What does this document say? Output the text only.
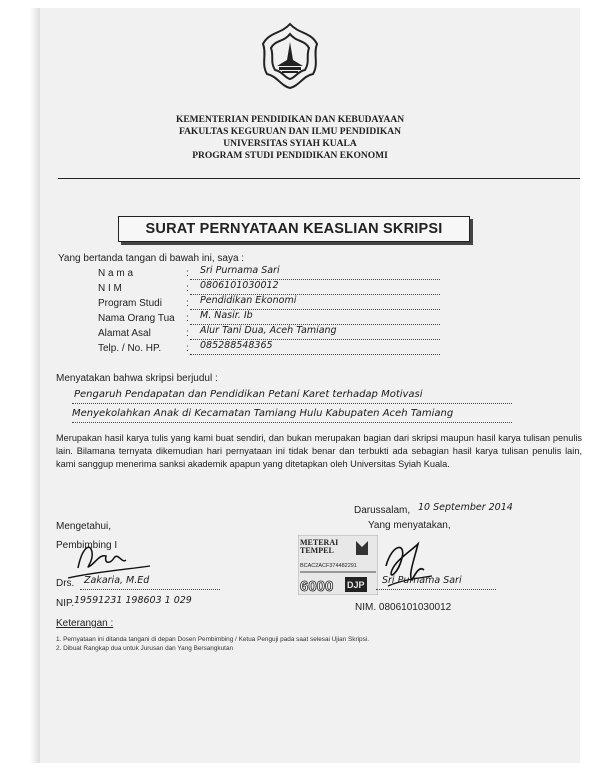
KEMENTERIAN PENDIDIKAN DAN KEBUDAYAAN
FAKULTAS KEGURUAN DAN ILMU PENDIDIKAN
UNIVERSITAS SYIAH KUALA
PROGRAM STUDI PENDIDIKAN EKONOMI
SURAT PERNYATAAN KEASLIAN SKRIPSI
Yang bertanda tangan di bawah ini, saya :
N a m a
N I M
Program Studi
Nama Orang Tua
Alamat Asal
Telp. / No. HP.
:
:
:
:
:
:
Sri Purnama Sari
0806101030012
Pendidikan Ekonomi
M. Nasir. Ib
Alur Tani Dua, Aceh Tamiang
085288548365
Menyatakan bahwa skripsi berjudul :
Pengaruh Pendapatan dan Pendidikan Petani Karet terhadap Motivasi
Menyekolahkan Anak di Kecamatan Tamiang Hulu Kabupaten Aceh Tamiang
Merupakan hasil karya tulis yang kami buat sendiri, dan bukan merupakan bagian dari skripsi maupun hasil karya tulisan penulis lain. Bilamana ternyata dikemudian hari pernyataan ini tidak benar dan terbukti ada sebagian hasil karya tulisan penulis lain, kami sanggup menerima sanksi akademik apapun yang ditetapkan oleh Universitas Syiah Kuala.
Darussalam, 10 September 2014
Yang menyatakan,
METERAI
TEMPEL
BCAC2ACF374482291
6000 DJP Sri Purnama Sari
NIM. 0806101030012
Mengetahui,
Pembimbing I
Drs. Zakaria, M.Ed
NIP. 19591231 198603 1 029
Keterangan :
1. Pernyataan ini ditanda tangani di depan Dosen Pembimbing / Ketua Penguji pada saat selesai Ujian Skripsi.
2. Dibuat Rangkap dua untuk Jurusan dan Yang Bersangkutan
